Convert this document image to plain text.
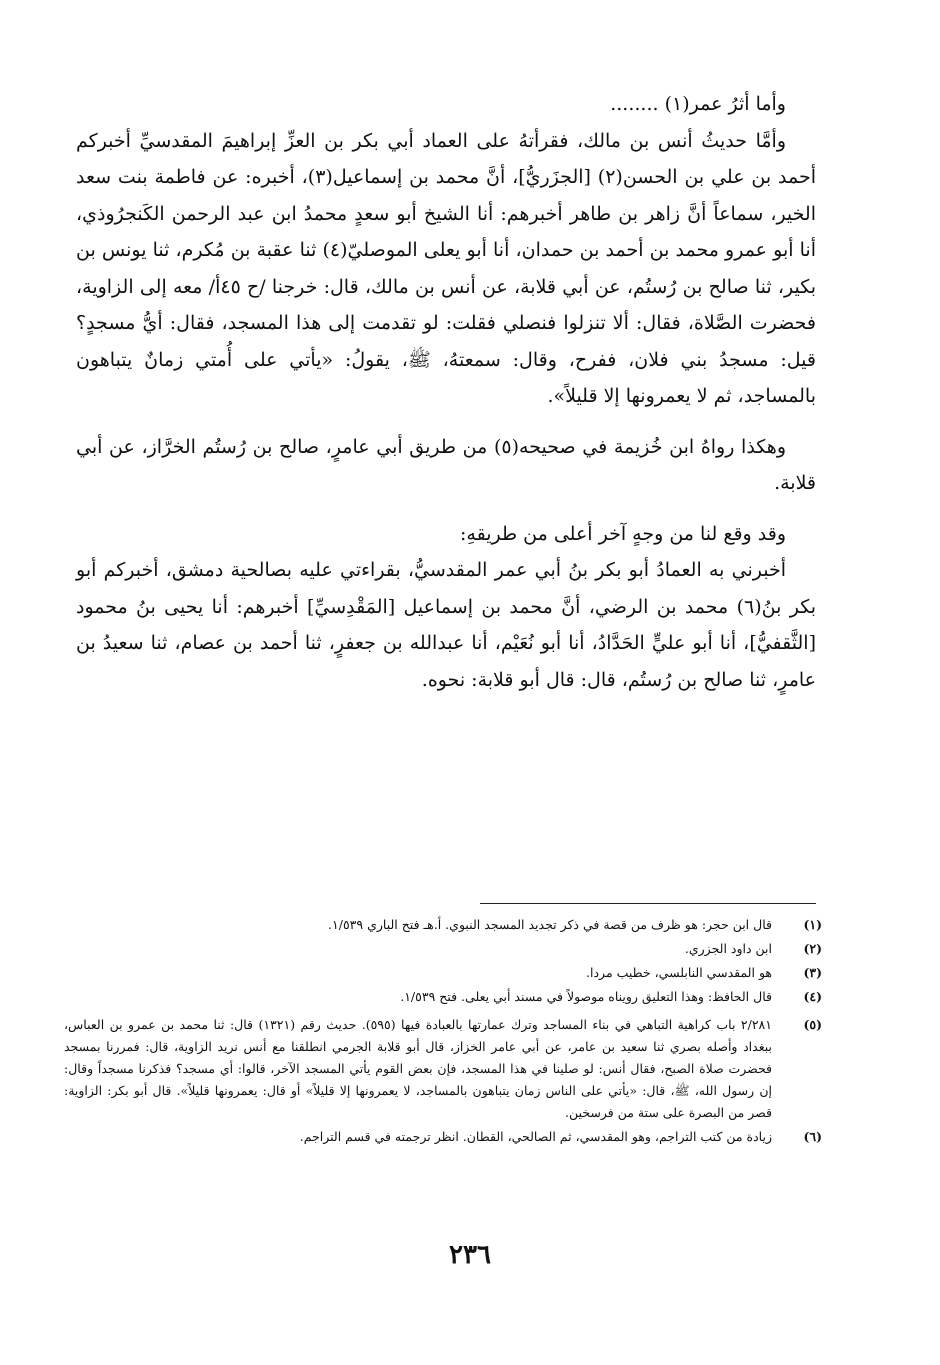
وأما أثرُ عمر(١) ........

وأمَّا حديثُ أنس بن مالك، فقرأتهُ على العماد أبي بكر بن العزِّ إبراهيمَ المقدسيِّ أخبركم أحمد بن علي بن الحسن(٢) [الجزَريُّ]، أنَّ محمد بن إسماعيل(٣)، أخبره: عن فاطمة بنت سعد الخير، سماعاً أنَّ زاهر بن طاهر أخبرهم: أنا الشيخ أبو سعدٍ محمدُ ابن عبد الرحمن الكَنجرُوذي، أنا أبو عمرو محمد بن أحمد بن حمدان، أنا أبو يعلى الموصليّ(٤) ثنا عقبة بن مُكرم، ثنا يونس بن بكير، ثنا صالح بن رُستُم، عن أبي قلابة، عن أنس بن مالك، قال: خرجنا /ح ٤٥أ/ معه إلى الزاوية، فحضرت الصَّلاة، فقال: ألا تنزلوا فنصلي فقلت: لو تقدمت إلى هذا المسجد، فقال: أيُّ مسجدٍ؟ قيل: مسجدُ بني فلان، ففرح، وقال: سمعتهُ، ﷺ، يقولُ: «يأتي على أُمتي زمانٌ يتباهون بالمساجد، ثم لا يعمرونها إلا قليلاً».

وهكذا رواهُ ابن خُزيمة في صحيحه(٥) من طريق أبي عامرٍ، صالح بن رُستُم الخرَّاز، عن أبي قلابة.

وقد وقع لنا من وجهٍ آخر أعلى من طريقهِ:

أخبرني به العمادُ أبو بكر بنُ أبي عمر المقدسيُّ، بقراءتي عليه بصالحية دمشق، أخبركم أبو بكر بنُ(٦) محمد بن الرضي، أنَّ محمد بن إسماعيل [المَقْدِسيِّ] أخبرهم: أنا يحيى بنُ محمود [الثَّقفيُّ]، أنا أبو عليٍّ الحَدَّادُ، أنا أبو نُعَيْم، أنا عبدالله بن جعفرٍ، ثنا أحمد بن عصام، ثنا سعيدُ بن عامرٍ، ثنا صالح بن رُستُم، قال: قال أبو قلابة: نحوه.

(١)
قال ابن حجر: هو ظرف من قصة في ذكر تجديد المسجد النبوي. أ.هـ فتح الباري ١/٥٣٩.
(٢)
ابن داود الجزري.
(٣)
هو المقدسي النابلسي، خطيب مردا.
(٤)
قال الحافظ: وهذا التعليق رويناه موصولاً في مسند أبي يعلى. فتح ١/٥٣٩.
(٥)
٢/٢٨١ باب كراهية التباهي في بناء المساجد وترك عمارتها بالعبادة فيها (٥٩٥). حديث رقم (١٣٢١) قال: ثنا محمد بن عمرو بن العباس، ببغداد وأصله بصري ثنا سعيد بن عامر، عن أبي عامر الخزاز، قال أبو قلابة الجرمي انطلقنا مع أنس نريد الزاوية، قال: فمررنا بمسجد فحضرت صلاة الصبح، فقال أنس: لو صلينا في هذا المسجد، فإن بعض القوم يأتي المسجد الآخر، قالوا: أي مسجد؟ فذكرنا مسجداً وقال: إن رسول الله، ﷺ، قال: «يأتي على الناس زمان يتباهون بالمساجد، لا يعمرونها إلا قليلاً» أو قال: يعمرونها قليلاً». قال أبو بكر: الزاوية: قصر من البصرة على ستة من فرسخين.
(٦)
زيادة من كتب التراجم، وهو المقدسي، ثم الصالحي، القطان. انظر ترجمته في قسم التراجم.
٢٣٦
